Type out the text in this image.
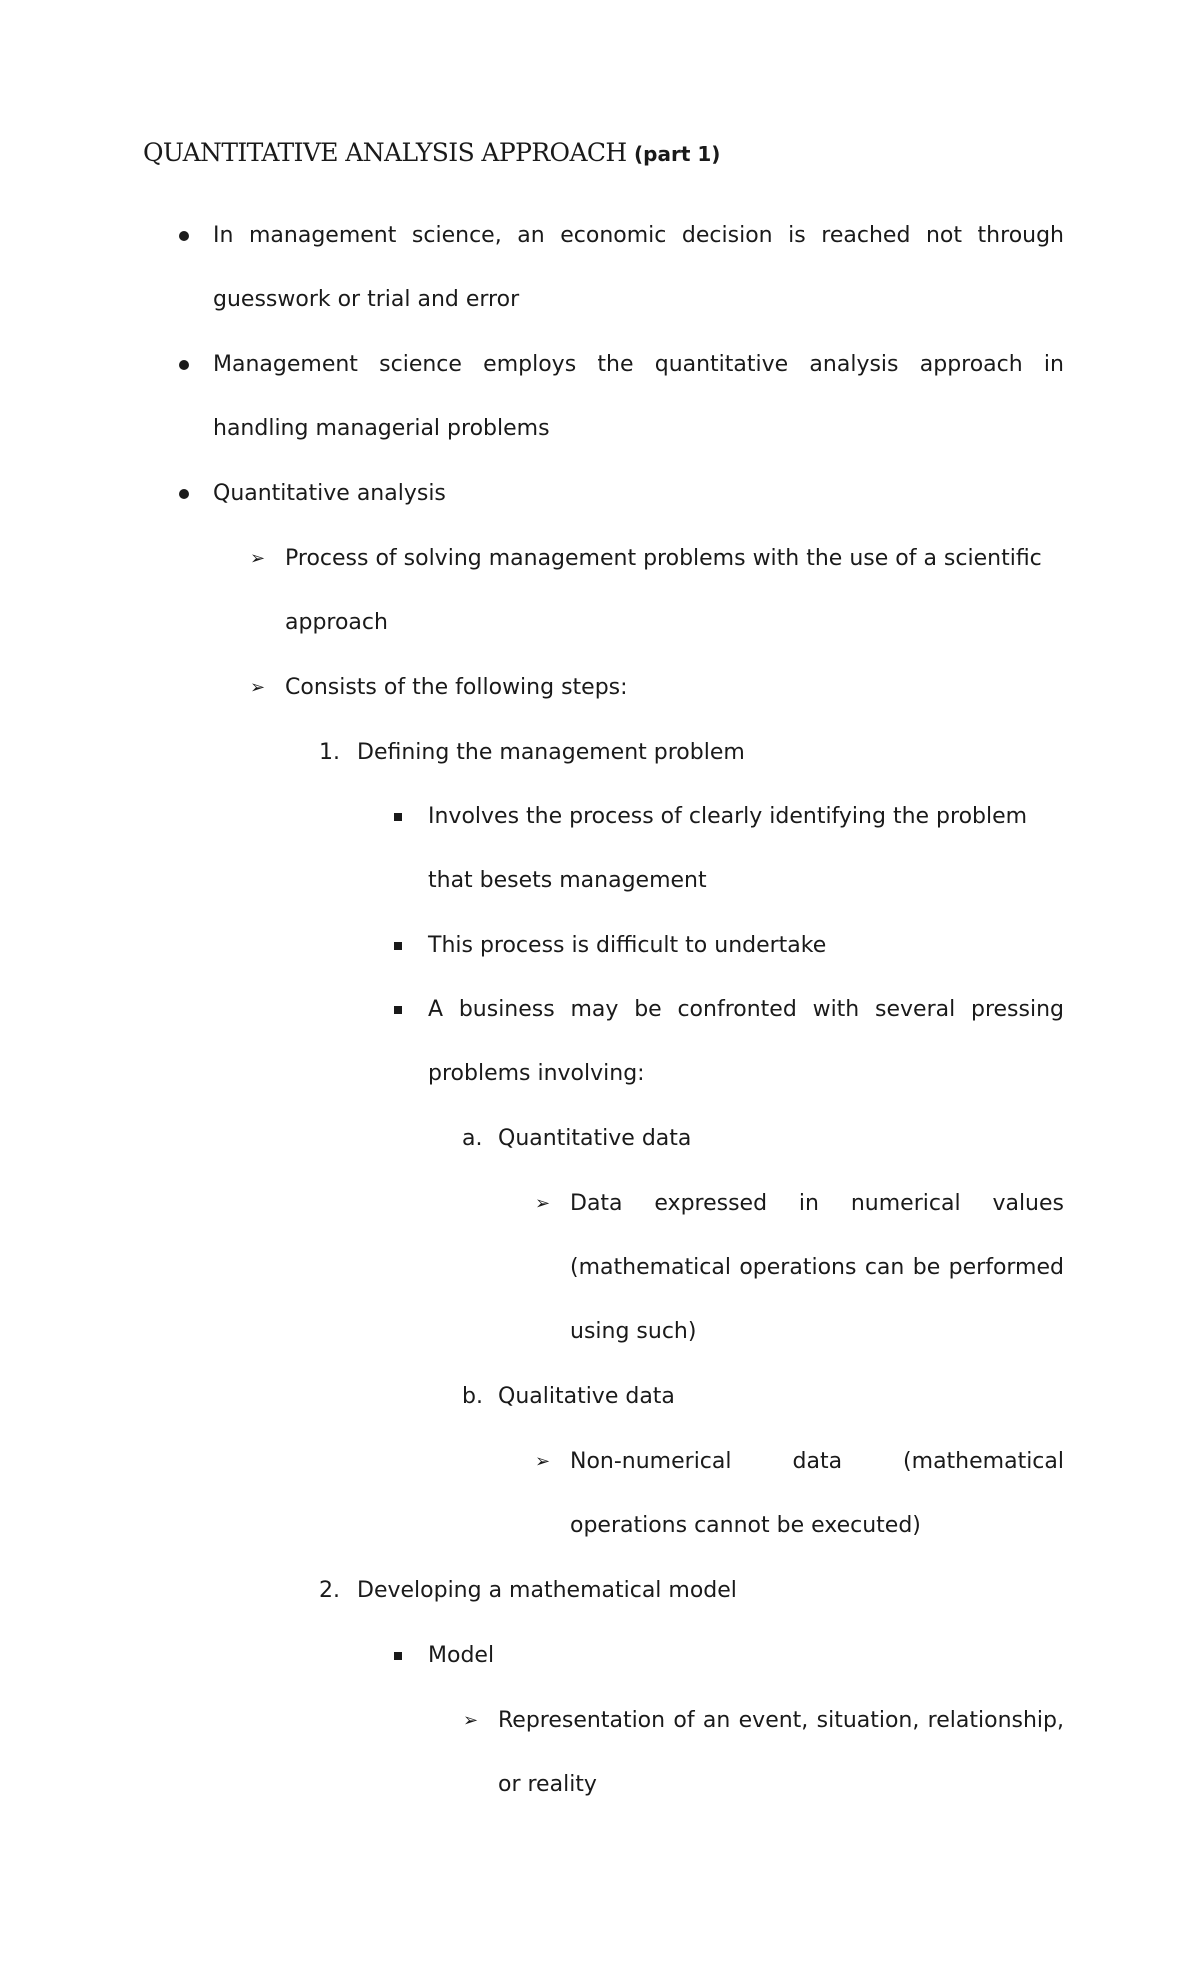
QUANTITATIVE ANALYSIS APPROACH (part 1)
In management science, an economic decision is reached not through guesswork or trial and error
Management science employs the quantitative analysis approach in handling managerial problems
Quantitative analysis
➢ Process of solving management problems with the use of a scientific approach
➢ Consists of the following steps:
1. Defining the management problem
Involves the process of clearly identifying the problem that besets management
This process is difficult to undertake
A business may be confronted with several pressing problems involving:
a. Quantitative data
➢ Data expressed in numerical values (mathematical operations can be performed using such)
b. Qualitative data
➢ Non-numerical data (mathematical operations cannot be executed)
2. Developing a mathematical model
Model
➢ Representation of an event, situation, relationship, or reality
